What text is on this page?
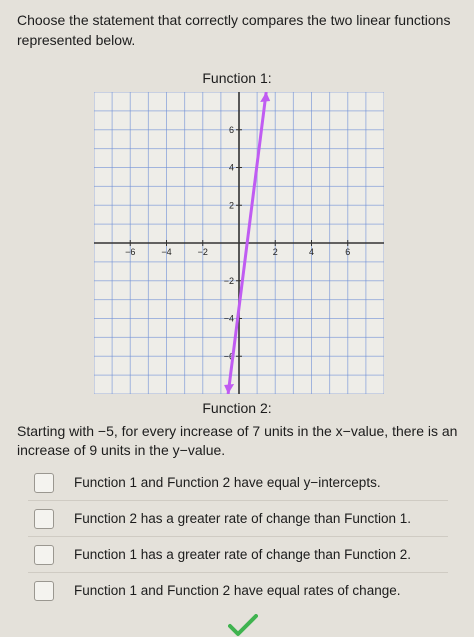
Choose the statement that correctly compares the two linear functions represented below.
Function 1:
−6	−4	−2	2	4	6
6
4
2
−2
−4
−6
Function 2:
Starting with −5, for every increase of 7 units in the x−value, there is an increase of 9 units in the y−value.
Function 1 and Function 2 have equal y−intercepts.
Function 2 has a greater rate of change than Function 1.
Function 1 has a greater rate of change than Function 2.
Function 1 and Function 2 have equal rates of change.
